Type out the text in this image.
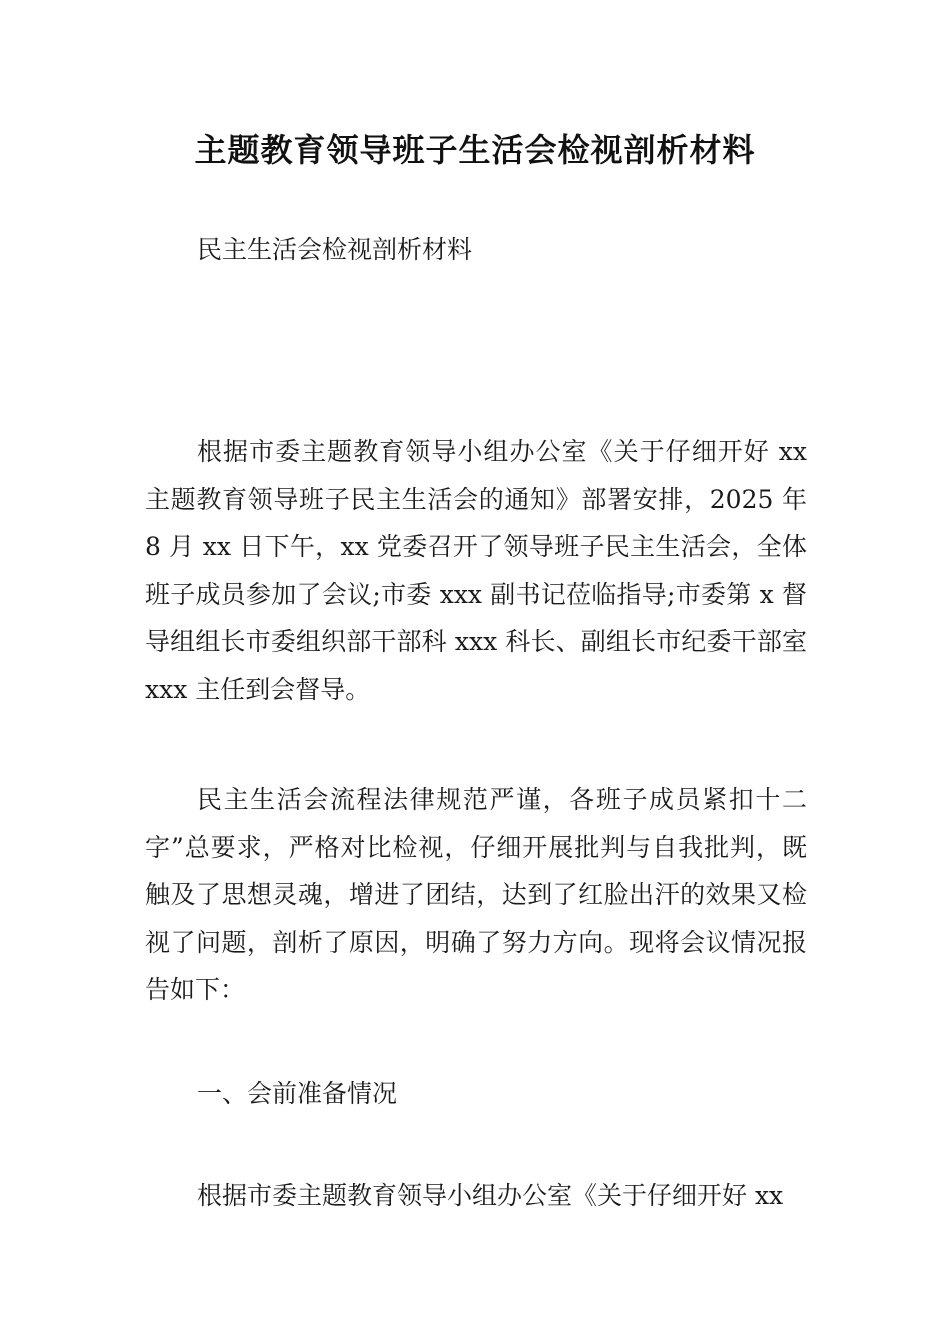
主题教育领导班子生活会检视剖析材料
民主生活会检视剖析材料
根据市委主题教育领导小组办公室《关于仔细开好 xx 主题教育领导班子民主生活会的通知》部署安排，2025 年 8 月 xx 日下午，xx 党委召开了领导班子民主生活会，全体班子成员参加了会议;市委 xxx 副书记莅临指导;市委第 x 督导组组长市委组织部干部科 xxx 科长、副组长市纪委干部室 xxx 主任到会督导。
民主生活会流程法律规范严谨，各班子成员紧扣十二字”总要求，严格对比检视，仔细开展批判与自我批判，既触及了思想灵魂，增进了团结，达到了红脸出汗的效果又检视了问题，剖析了原因，明确了努力方向。现将会议情况报告如下：
一、会前准备情况
根据市委主题教育领导小组办公室《关于仔细开好 xx
